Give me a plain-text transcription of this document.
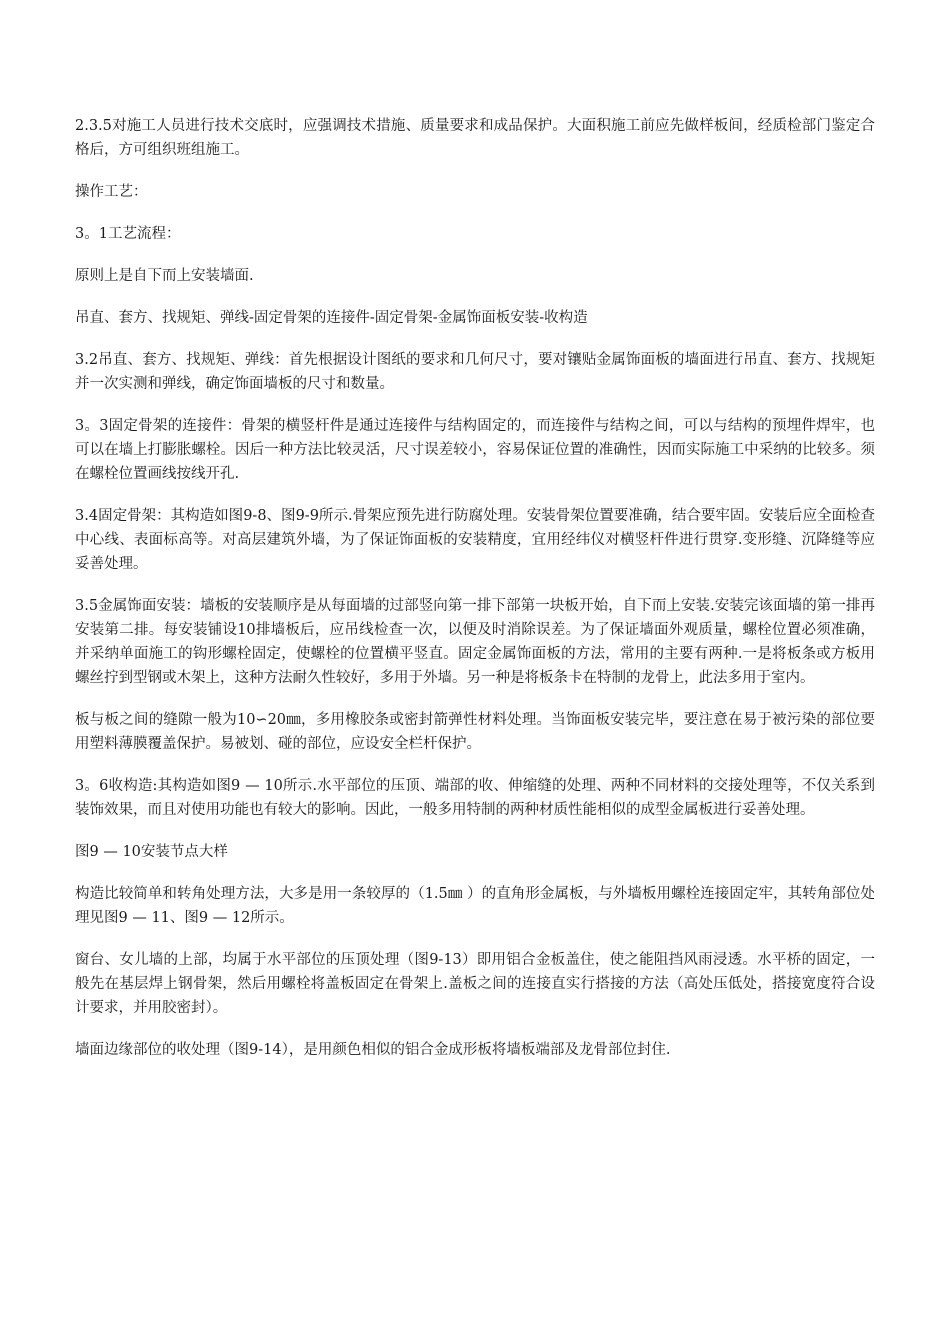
2.3.5对施工人员进行技术交底时，应强调技术措施、质量要求和成品保护。大面积施工前应先做样板间，经质检部门鉴定合格后，方可组织班组施工。

操作工艺：

3。1工艺流程：

原则上是自下而上安装墙面.

吊直、套方、找规矩、弹线-固定骨架的连接件-固定骨架-金属饰面板安装-收构造

3.2吊直、套方、找规矩、弹线：首先根据设计图纸的要求和几何尺寸，要对镶贴金属饰面板的墙面进行吊直、套方、找规矩并一次实测和弹线，确定饰面墙板的尺寸和数量。

3。3固定骨架的连接件：骨架的横竖杆件是通过连接件与结构固定的，而连接件与结构之间，可以与结构的预埋件焊牢，也可以在墙上打膨胀螺栓。因后一种方法比较灵活，尺寸误差较小，容易保证位置的准确性，因而实际施工中采纳的比较多。须在螺栓位置画线按线开孔.

3.4固定骨架：其构造如图9-8、图9-9所示.骨架应预先进行防腐处理。安装骨架位置要准确，结合要牢固。安装后应全面检查中心线、表面标高等。对高层建筑外墙，为了保证饰面板的安装精度，宜用经纬仪对横竖杆件进行贯穿.变形缝、沉降缝等应妥善处理。

3.5金属饰面安装：墙板的安装顺序是从每面墙的过部竖向第一排下部第一块板开始，自下而上安装.安装完该面墙的第一排再安装第二排。每安装铺设10排墙板后，应吊线检查一次，以便及时消除误差。为了保证墙面外观质量，螺栓位置必须准确，并采纳单面施工的钩形螺栓固定，使螺栓的位置横平竖直。固定金属饰面板的方法，常用的主要有两种.一是将板条或方板用螺丝拧到型钢或木架上，这种方法耐久性较好，多用于外墙。另一种是将板条卡在特制的龙骨上，此法多用于室内。

板与板之间的缝隙一般为10∽20㎜，多用橡胶条或密封箭弹性材料处理。当饰面板安装完毕，要注意在易于被污染的部位要用塑料薄膜覆盖保护。易被划、碰的部位，应设安全栏杆保护。

3。6收构造:其构造如图9 — 10所示.水平部位的压顶、端部的收、伸缩缝的处理、两种不同材料的交接处理等，不仅关系到装饰效果，而且对使用功能也有较大的影响。因此，一般多用特制的两种材质性能相似的成型金属板进行妥善处理。

图9 — 10安装节点大样

构造比较简单和转角处理方法，大多是用一条较厚的（1.5㎜ ）的直角形金属板，与外墙板用螺栓连接固定牢，其转角部位处理见图9 — 11、图9 — 12所示。

窗台、女儿墙的上部，均属于水平部位的压顶处理（图9-13）即用铝合金板盖住，使之能阻挡风雨浸透。水平桥的固定，一般先在基层焊上钢骨架，然后用螺栓将盖板固定在骨架上.盖板之间的连接直实行搭接的方法（高处压低处，搭接宽度符合设计要求，并用胶密封）。

墙面边缘部位的收处理（图9-14），是用颜色相似的铝合金成形板将墙板端部及龙骨部位封住.
